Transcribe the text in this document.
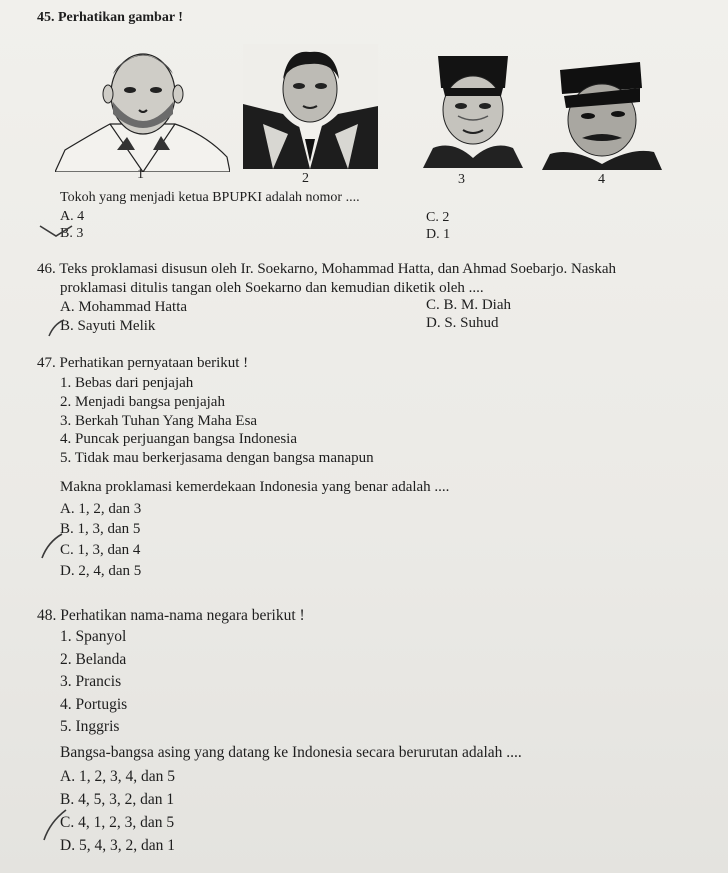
45. Perhatikan gambar !
1	2	3	4
Tokoh yang menjadi ketua BPUPKI adalah nomor ....
A. 4	C. 2
B. 3	D. 1
46. Teks proklamasi disusun oleh Ir. Soekarno, Mohammad Hatta, dan Ahmad Soebarjo. Naskah
proklamasi ditulis tangan oleh Soekarno dan kemudian diketik oleh ....
A. Mohammad Hatta	C. B. M. Diah
B. Sayuti Melik	D. S. Suhud
47. Perhatikan pernyataan berikut !
1. Bebas dari penjajah
2. Menjadi bangsa penjajah
3. Berkah Tuhan Yang Maha Esa
4. Puncak perjuangan bangsa Indonesia
5. Tidak mau berkerjasama dengan bangsa manapun
Makna proklamasi kemerdekaan Indonesia yang benar adalah ....
A. 1, 2, dan 3
B. 1, 3, dan 5
C. 1, 3, dan 4
D. 2, 4, dan 5
48. Perhatikan nama-nama negara berikut !
1. Spanyol
2. Belanda
3. Prancis
4. Portugis
5. Inggris
Bangsa-bangsa asing yang datang ke Indonesia secara berurutan adalah ....
A. 1, 2, 3, 4, dan 5
B. 4, 5, 3, 2, dan 1
C. 4, 1, 2, 3, dan 5
D. 5, 4, 3, 2, dan 1
